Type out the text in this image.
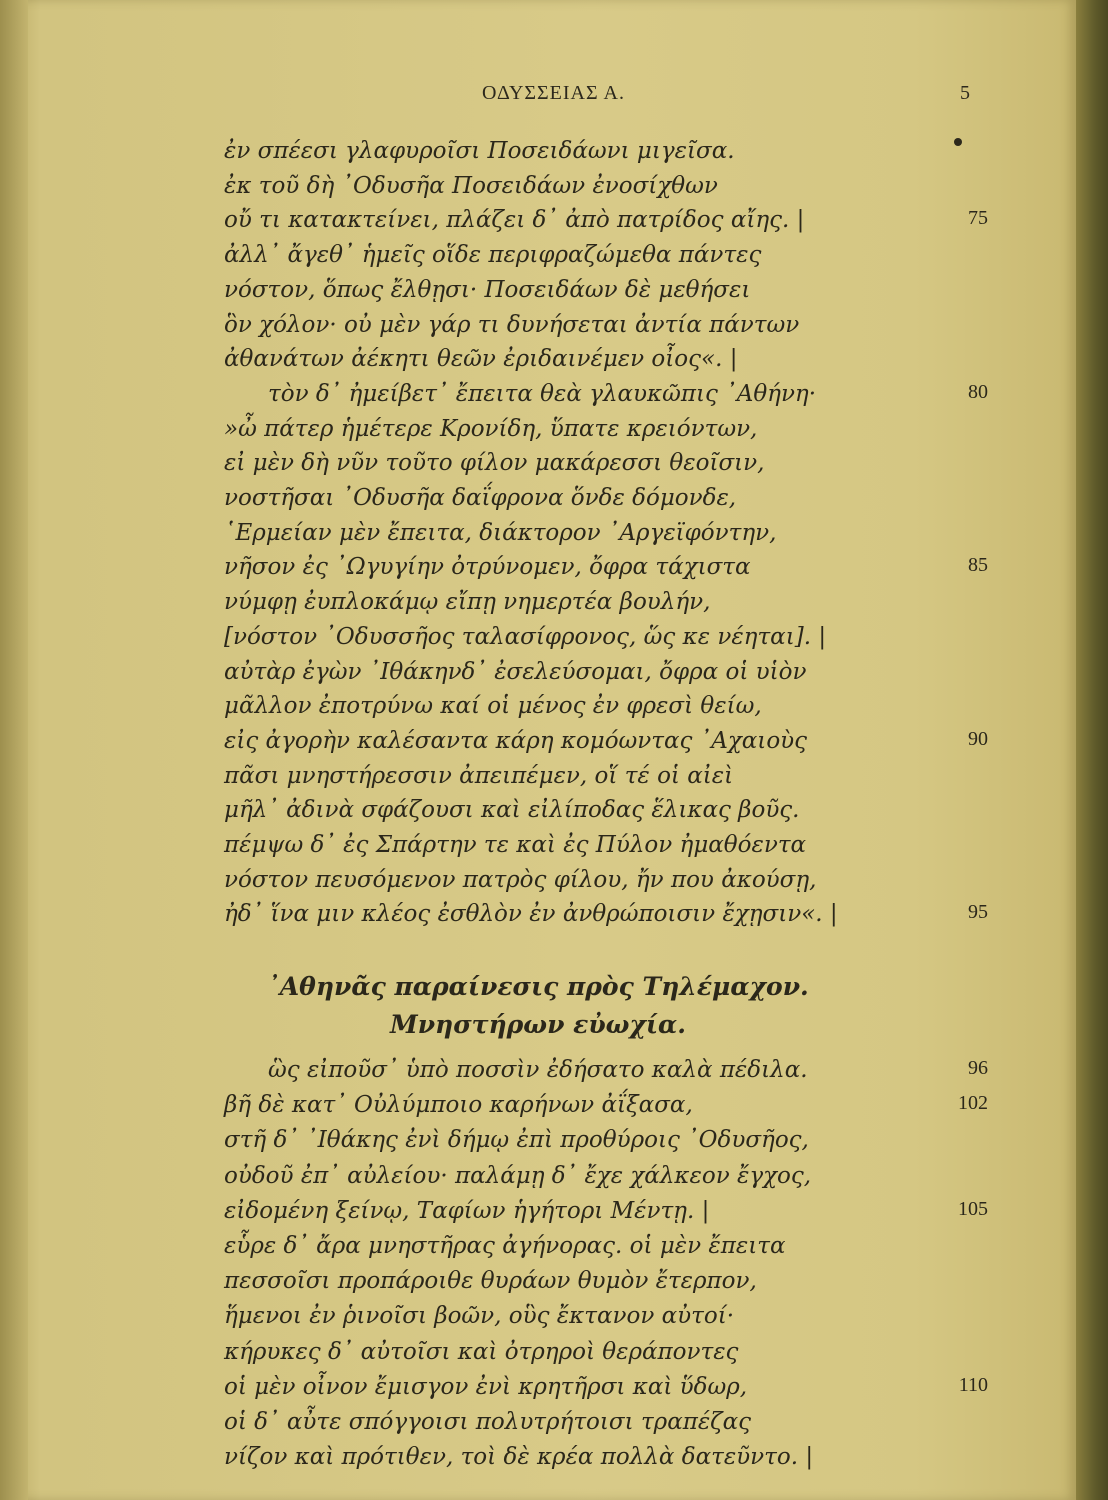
ΟΔΥΣΣΕΙΑΣ Α.	5
ἐν σπέεσι γλαφυροῖσι Ποσειδάωνι μιγεῖσα.
ἐκ τοῦ δὴ ᾽Οδυσῆα Ποσειδάων ἐνοσίχθων
οὔ τι κατακτείνει, πλάζει δ᾽ ἀπὸ πατρίδος αἴης. |	75
ἀλλ᾽ ἄγεθ᾽ ἡμεῖς οἵδε περιφραζώμεθα πάντες
νόστον, ὅπως ἔλθῃσι· Ποσειδάων δὲ μεθήσει
ὃν χόλον· οὐ μὲν γάρ τι δυνήσεται ἀντία πάντων
ἀθανάτων ἀέκητι θεῶν ἐριδαινέμεν οἶος«. |
τὸν δ᾽ ἠμείβετ᾽ ἔπειτα θεὰ γλαυκῶπις ᾽Αθήνη·	80
»ὦ πάτερ ἡμέτερε Κρονίδη, ὕπατε κρειόντων,
εἰ μὲν δὴ νῦν τοῦτο φίλον μακάρεσσι θεοῖσιν,
νοστῆσαι ᾽Οδυσῆα δαΐφρονα ὅνδε δόμονδε,
῾Ερμείαν μὲν ἔπειτα, διάκτορον ᾽Αργεϊφόντην,
νῆσον ἐς ᾽Ωγυγίην ὀτρύνομεν, ὄφρα τάχιστα	85
νύμφῃ ἐυπλοκάμῳ εἴπῃ νημερτέα βουλήν,
[νόστον ᾽Οδυσσῆος ταλασίφρονος, ὥς κε νέηται]. |
αὐτὰρ ἐγὼν ᾽Ιθάκηνδ᾽ ἐσελεύσομαι, ὄφρα οἱ υἱὸν
μᾶλλον ἐποτρύνω καί οἱ μένος ἐν φρεσὶ θείω,
εἰς ἀγορὴν καλέσαντα κάρη κομόωντας ᾽Αχαιοὺς	90
πᾶσι μνηστήρεσσιν ἀπειπέμεν, οἵ τέ οἱ αἰεὶ
μῆλ᾽ ἀδινὰ σφάζουσι καὶ εἰλίποδας ἕλικας βοῦς.
πέμψω δ᾽ ἐς Σπάρτην τε καὶ ἐς Πύλον ἠμαθόεντα
νόστον πευσόμενον πατρὸς φίλου, ἤν που ἀκούσῃ,
ἠδ᾽ ἵνα μιν κλέος ἐσθλὸν ἐν ἀνθρώποισιν ἔχῃσιν«. |	95
᾽Αθηνᾶς παραίνεσις πρὸς Τηλέμαχον.
Μνηστήρων εὐωχία.
ὣς εἰποῦσ᾽ ὑπὸ ποσσὶν ἐδήσατο καλὰ πέδιλα.	96
βῆ δὲ κατ᾽ Οὐλύμποιο καρήνων ἀΐξασα,	102
στῆ δ᾽ ᾽Ιθάκης ἐνὶ δήμῳ ἐπὶ προθύροις ᾽Οδυσῆος,
οὐδοῦ ἐπ᾽ αὐλείου· παλάμῃ δ᾽ ἔχε χάλκεον ἔγχος,
εἰδομένη ξείνῳ, Ταφίων ἡγήτορι Μέντῃ. |	105
εὗρε δ᾽ ἄρα μνηστῆρας ἀγήνορας. οἱ μὲν ἔπειτα
πεσσοῖσι προπάροιθε θυράων θυμὸν ἔτερπον,
ἥμενοι ἐν ῥινοῖσι βοῶν, οὓς ἔκτανον αὐτοί·
κήρυκες δ᾽ αὐτοῖσι καὶ ὀτρηροὶ θεράποντες
οἱ μὲν οἶνον ἔμισγον ἐνὶ κρητῆρσι καὶ ὕδωρ,	110
οἱ δ᾽ αὖτε σπόγγοισι πολυτρήτοισι τραπέζας
νίζον καὶ πρότιθεν, τοὶ δὲ κρέα πολλὰ δατεῦντο. |
